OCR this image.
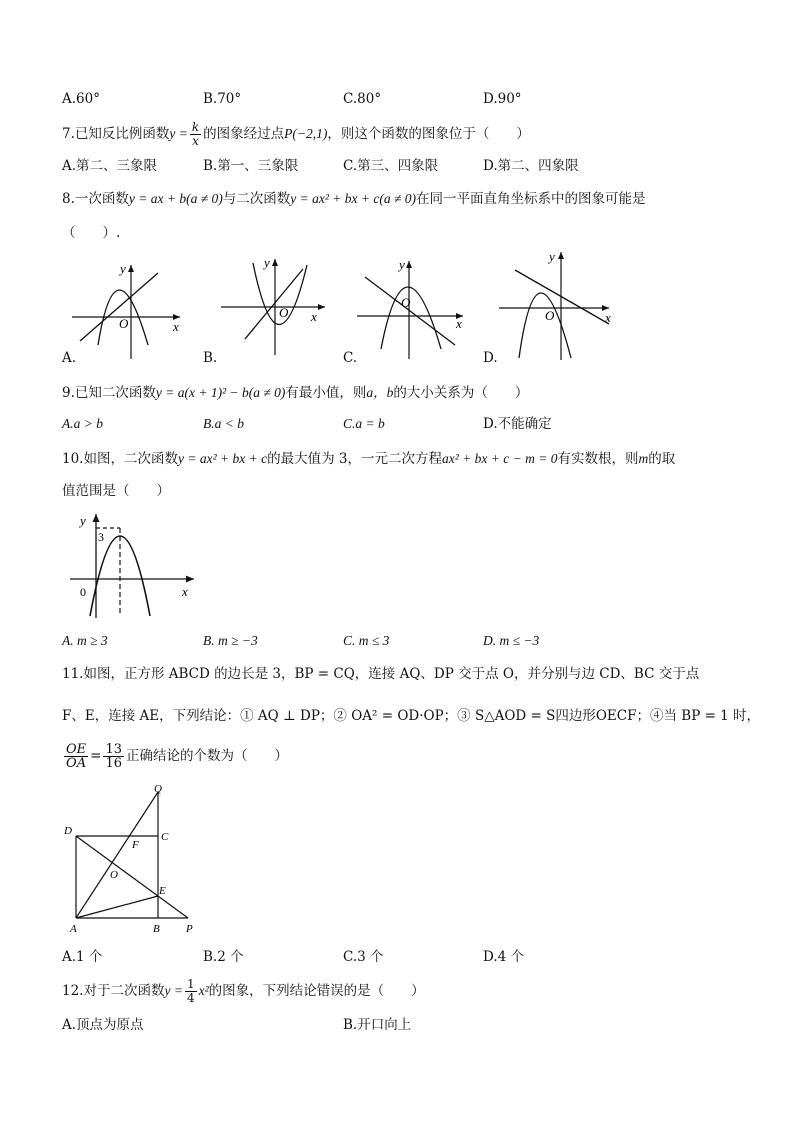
A.60°	B.70°	C.80°	D.90°
7.已知反比例函数$y = \frac{k}{x}$ 的图象经过点P(−2,1)，则这个函数的图象位于（　　）
A.第二、三象限	B.第一、三象限	C.第三、四象限	D.第二、四象限
8.一次函数y = ax + b(a ≠ 0)与二次函数y = ax² + bx + c(a ≠ 0)在同一平面直角坐标系中的图象可能是
（　　）.
y
x
O
y
x
O
y
x
O
y
x
O
A.	B.	C.	D.
9.已知二次函数y = a(x + 1)² − b(a ≠ 0)有最小值，则a，b的大小关系为（　　）
A.a > b	B.a < b	C.a = b	D.不能确定
10.如图，二次函数y = ax² + bx + c的最大值为 3，一元二次方程ax² + bx + c − m = 0有实数根，则m的取
值范围是（　　）
y
3
x
0
A. m ≥ 3	B. m ≥ −3	C. m ≤ 3	D. m ≤ −3
11.如图，正方形 ABCD 的边长是 3，BP = CQ，连接 AQ、DP 交于点 O，并分别与边 CD、BC 交于点
F、E，连接 AE，下列结论：① AQ ⊥ DP；② OA² = OD·OP；③ S△AOD = S四边形OECF；④当 BP = 1 时，
$\frac{OE}{OA} = \frac{13}{16}$ 正确结论的个数为（　　）
Q
D	C
F
O
E
A	B P
A.1 个	B.2 个	C.3 个	D.4 个
12.对于二次函数$y = \frac{1}{4} x^2$的图象，下列结论错误的是（　　）
A.顶点为原点	B.开口向上
